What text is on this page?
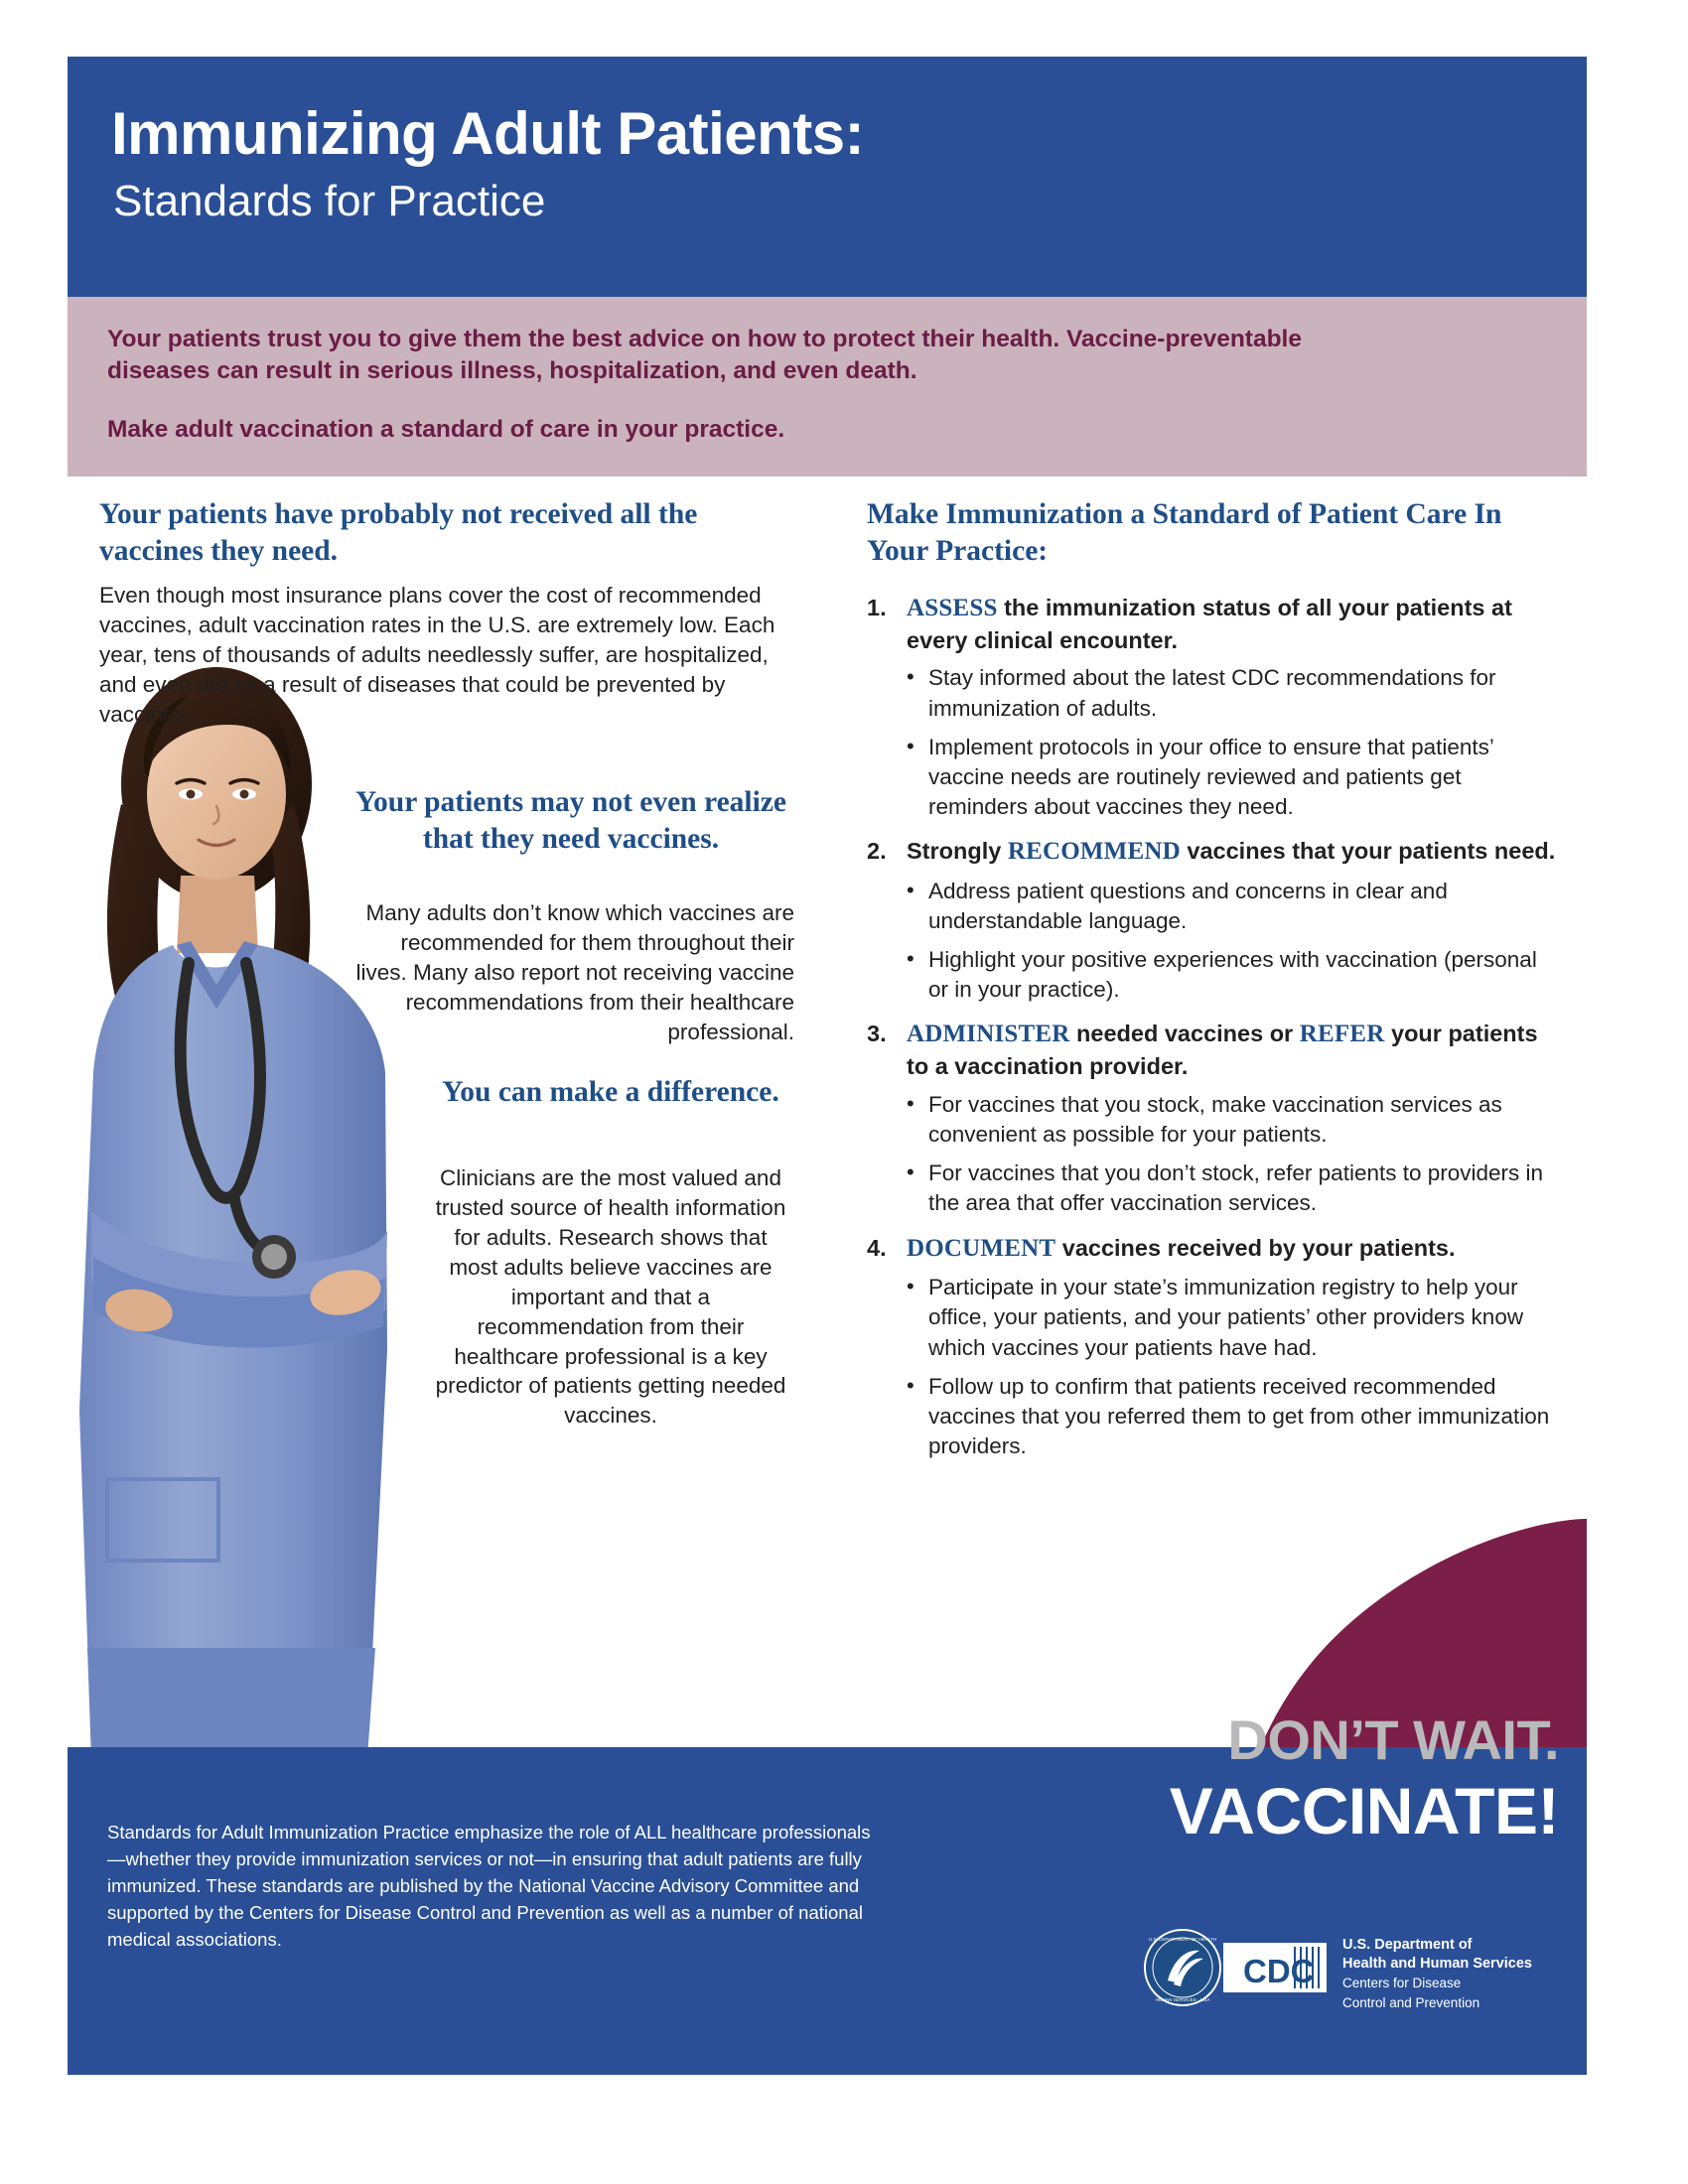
Immunizing Adult Patients:
Standards for Practice
Your patients trust you to give them the best advice on how to protect their health. Vaccine-preventable diseases can result in serious illness, hospitalization, and even death.
Make adult vaccination a standard of care in your practice.
Your patients have probably not received all the vaccines they need.
Even though most insurance plans cover the cost of recommended vaccines, adult vaccination rates in the U.S. are extremely low. Each year, tens of thousands of adults needlessly suffer, are hospitalized, and even die as a result of diseases that could be prevented by vaccines.
Your patients may not even realize that they need vaccines.
Many adults don’t know which vaccines are recommended for them throughout their lives. Many also report not receiving vaccine recommendations from their healthcare professional.
You can make a difference.
Clinicians are the most valued and trusted source of health information for adults. Research shows that most adults believe vaccines are important and that a recommendation from their healthcare professional is a key predictor of patients getting needed vaccines.
Make Immunization a Standard of Patient Care In Your Practice:
1. ASSESS the immunization status of all your patients at every clinical encounter.
• Stay informed about the latest CDC recommendations for immunization of adults.
• Implement protocols in your office to ensure that patients’ vaccine needs are routinely reviewed and patients get reminders about vaccines they need.
2. Strongly RECOMMEND vaccines that your patients need.
• Address patient questions and concerns in clear and understandable language.
• Highlight your positive experiences with vaccination (personal or in your practice).
3. ADMINISTER needed vaccines or REFER your patients to a vaccination provider.
• For vaccines that you stock, make vaccination services as convenient as possible for your patients.
• For vaccines that you don’t stock, refer patients to providers in the area that offer vaccination services.
4. DOCUMENT vaccines received by your patients.
• Participate in your state’s immunization registry to help your office, your patients, and your patients’ other providers know which vaccines your patients have had.
• Follow up to confirm that patients received recommended vaccines that you referred them to get from other immunization providers.
Standards for Adult Immunization Practice emphasize the role of ALL healthcare professionals—whether they provide immunization services or not—in ensuring that adult patients are fully immunized. These standards are published by the National Vaccine Advisory Committee and supported by the Centers for Disease Control and Prevention as well as a number of national medical associations.
DON’T WAIT.
VACCINATE!
U.S. DEPARTMENT OF HEALTH
HUMAN SERVICES · USA
CDC
U.S. Department of
Health and Human Services
Centers for Disease
Control and Prevention
